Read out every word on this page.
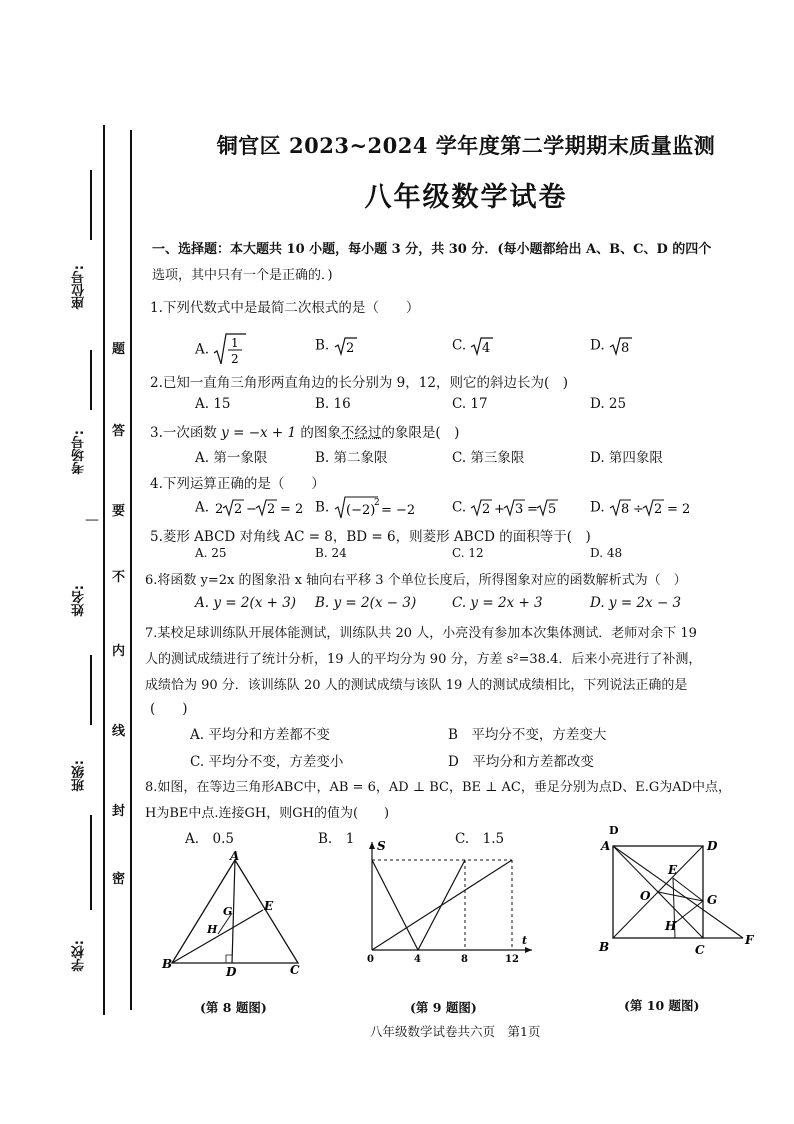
座位号:
考场号:
—
姓名:
班级:
学校:
题
答
要
不
内
线
封
密
铜官区 2023~2024 学年度第二学期期末质量监测
八年级数学试卷
一、选择题：本大题共 10 小题，每小题 3 分，共 30 分．(每小题都给出 A、B、C、D 的四个
选项，其中只有一个是正确的．)
1.下列代数式中是最简二次根式的是（　　）
A. 1
2
B. 2	C. 4	D. 8
2.已知一直角三角形两直角边的长分别为 9，12，则它的斜边长为(　)
A. 15	B. 16	C. 17	D. 25
3.一次函数 y = −x + 1 的图象不经过的象限是(　)
A. 第一象限	B. 第二象限	C. 第三象限	D. 第四象限
4.下列运算正确的是（　　）
A. 2 2 − 2 = 2 B. (−2)
2 = −2	C. 2 + 3 = 5 D. 8 ÷ 2 = 2
5.菱形 ABCD 对角线 AC = 8，BD = 6，则菱形 ABCD 的面积等于(　)
A. 25	B. 24	C. 12	D. 48
6.将函数 y=2x 的图象沿 x 轴向右平移 3 个单位长度后，所得图象对应的函数解析式为（　）
A. y = 2(x + 3) B. y = 2(x − 3)	C. y = 2x + 3	D. y = 2x − 3
7.某校足球训练队开展体能测试，训练队共 20 人，小亮没有参加本次集体测试．老师对余下 19
人的测试成绩进行了统计分析，19 人的平均分为 90 分，方差 s²=38.4．后来小亮进行了补测，
成绩恰为 90 分．该训练队 20 人的测试成绩与该队 19 人的测试成绩相比，下列说法正确的是
(　　)
A. 平均分和方差都不变	B　平均分不变，方差变大
C. 平均分不变，方差变小	D　平均分和方差都改变
8.如图，在等边三角形ABC中，AB = 6，AD ⊥ BC，BE ⊥ AC，垂足分别为点D、E.G为AD中点，
H为BE中点.连接GH，则GH的值为(　　)
A.　0.5	B.　1	C.　1.5
A
B	C
D
E
G
H
(第 8 题图)
S
t
0	4	8	12
(第 9 题图)
D
A	D
B	C
F
E
G
H
O
(第 10 题图)
八年级数学试卷共六页　第1页
